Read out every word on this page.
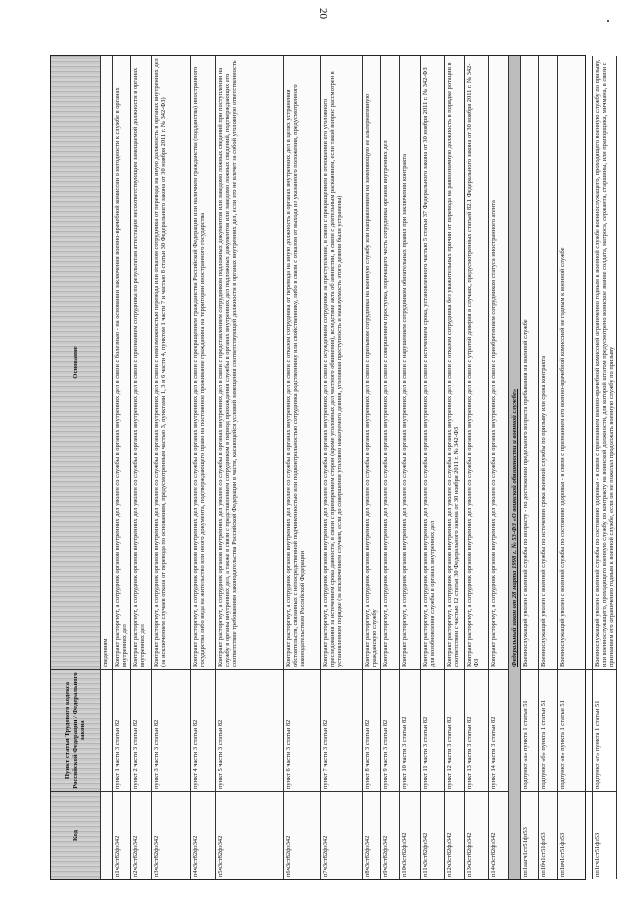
20
Код
Пункт статьи Трудового кодекса Российской Федерации / Федерального закона
Основание
сведениям
п1ч3ст82фз342
пункт 1 части 3 статьи 82
Контракт расторгнут, а сотрудник органов внутренних дел уволен со службы в органах внутренних дел в связи с болезнью - на основании заключения военно-врачебной комиссии о негодности к службе в органах внутренних дел
п2ч3ст82фз342
пункт 2 части 3 статьи 82
Контракт расторгнут, а сотрудник органов внутренних дел уволен со службы в органах внутренних дел в связи с признанием сотрудника по результатам аттестации несоответствующим замещаемой должности в органах внутренних дел
п3ч3ст82фз342
пункт 3 части 3 статьи 82
Контракт расторгнут, а сотрудник органов внутренних дел уволен со службы в органах внутренних дел в связи с невозможностью перевода или отказом сотрудника от перевода на иную должность в органах внутренних дел (за исключением случаев отказа от перевода по основаниям, предусмотренным частью 3, пунктами 1, 3 и 6 части 4, пунктом 1 части 7 и частью 8 статьи 30 Федерального закона от 30 ноября 2011 г. № 342-ФЗ)
п4ч3ст82фз342
пункт 4 части 3 статьи 82
Контракт расторгнут, а сотрудник органов внутренних дел уволен со службы в органах внутренних дел в связи с прекращением гражданства Российской Федерации или наличием гражданства (подданства) иностранного государства либо вида на жительство или иного документа, подтверждающего право на постоянное проживание гражданина на территории иностранного государства
п5ч3ст82фз342
пункт 5 части 3 статьи 82
Контракт расторгнут, а сотрудник органов внутренних дел уволен со службы в органах внутренних дел в связи с представлением сотрудником подложных документов или заведомо ложных сведений при поступлении на службу в органы внутренних дел, а также в связи с представлением сотрудником в период прохождения службы в органах внутренних дел подложных документов или заведомо ложных сведений, подтверждающих его соответствие требованиям законодательства Российской Федерации в части, касающейся условий замещения соответствующей должности в органах внутренних дел, если это не влечет за собой уголовную ответственность
п6ч3ст82фз342
пункт 6 части 3 статьи 82
Контракт расторгнут, а сотрудник органов внутренних дел уволен со службы в органах внутренних дел в связи с отказом сотрудника от перевода на иную должность в органах внутренних дел в целях устранения обстоятельств, связанных с непосредственной подчиненностью или подконтрольностью сотрудника родственнику или свойственнику, либо в связи с отказом от выхода из указанного положения, предусмотренного законодательством Российской Федерации
п7ч3ст82фз342
пункт 7 части 3 статьи 82
Контракт расторгнут, а сотрудник органов внутренних дел уволен со службы в органах внутренних дел в связи с осуждением сотрудника за преступление, в связи с прекращением в отношении его уголовного преследования за истечением срока давности, в связи с примирением сторон (кроме уголовных дел частного обвинения), вследствие акта об амнистии, в связи с деятельным раскаянием, если такой вопрос рассмотрен в установленном порядке (за исключением случаев, если до совершения уголовно наказуемого деяния, уголовная преступность и наказуемость этого деяния были устранены)
п8ч3ст82фз342
пункт 8 части 3 статьи 82
Контракт расторгнут, а сотрудник органов внутренних дел уволен со службы в органах внутренних дел в связи с призывом сотрудника на военную службу или направлением на заменяющую ее альтернативную гражданскую службу
п9ч3ст82фз342
пункт 9 части 3 статьи 82
Контракт расторгнут, а сотрудник органов внутренних дел уволен со службы в органах внутренних дел в связи с совершением проступка, порочащего честь сотрудника органов внутренних дел
п10ч3ст82фз342
пункт 10 части 3 статьи 82
Контракт расторгнут, а сотрудник органов внутренних дел уволен со службы в органах внутренних дел в связи с нарушением сотрудником обязательных правил при заключении контракта
п11ч3ст82фз342
пункт 11 части 3 статьи 82
Контракт расторгнут, а сотрудник органов внутренних дел уволен со службы в органах внутренних дел в связи с истечением срока, установленного частью 5 статьи 37 Федерального закона от 30 ноября 2011 г. № 342-ФЗ для возобновления службы в органах внутренних дел
п12ч3ст82фз342
пункт 12 части 3 статьи 82
Контракт расторгнут, а сотрудник органов внутренних дел уволен со службы в органах внутренних дел в связи с отказом сотрудника без уважительных причин от перевода на равнозначную должность в порядке ротации в соответствии с частью 12 статьи 30 Федерального закона от 30 ноября 2011 г. № 342-ФЗ
п13ч3ст82фз342
пункт 13 части 3 статьи 82
Контракт расторгнут, а сотрудник органов внутренних дел уволен со службы в органах внутренних дел в связи с утратой доверия в случаях, предусмотренных статьей 82.1 Федерального закона от 30 ноября 2011 г. № 342-ФЗ
п14ч3ст82фз342
пункт 14 части 3 статьи 82
Контракт расторгнут, а сотрудник органов внутренних дел уволен со службы в органах внутренних дел в связи с приобретением сотрудником статуса иностранного агента	Федеральный закон от 28 марта 1998 г. № 53-ФЗ «О воинской обязанности и военной службе»
пп1аагч1ст51фз53
подпункт «а» пункта 1 статьи 51
Военнослужащий уволен с военной службы по возрасту - по достижении предельного возраста пребывания на военной службе
пп1бч1ст51фз53
подпункт «б» пункта 1 статьи 51
Военнослужащий уволен с военной службы по истечении срока военной службы по призыву или срока контракта
пп1вч1ст51фз53
подпункт «в» пункта 1 статьи 51
Военнослужащий уволен с военной службы по состоянию здоровья - в связи с признанием его военно-врачебной комиссией не годным к военной службе
пп1гч1ст51фз53
подпункт «г» пункта 1 статьи 51
Военнослужащий уволен с военной службы по состоянию здоровья - в связи с признанием военно-врачебной комиссией ограниченно годным к военной службе военнослужащего, проходящего военную службу по призыву, или военнослужащего, проходящего военную службу по контракту на воинской должности, для которой штатом предусмотрено воинское звание солдата, матроса, сержанта, старшины, или прапорщика, мичмана, в связи с признанием его ограниченно годным к военной службе, если он не пожелал продолжать военную службу по призыву
